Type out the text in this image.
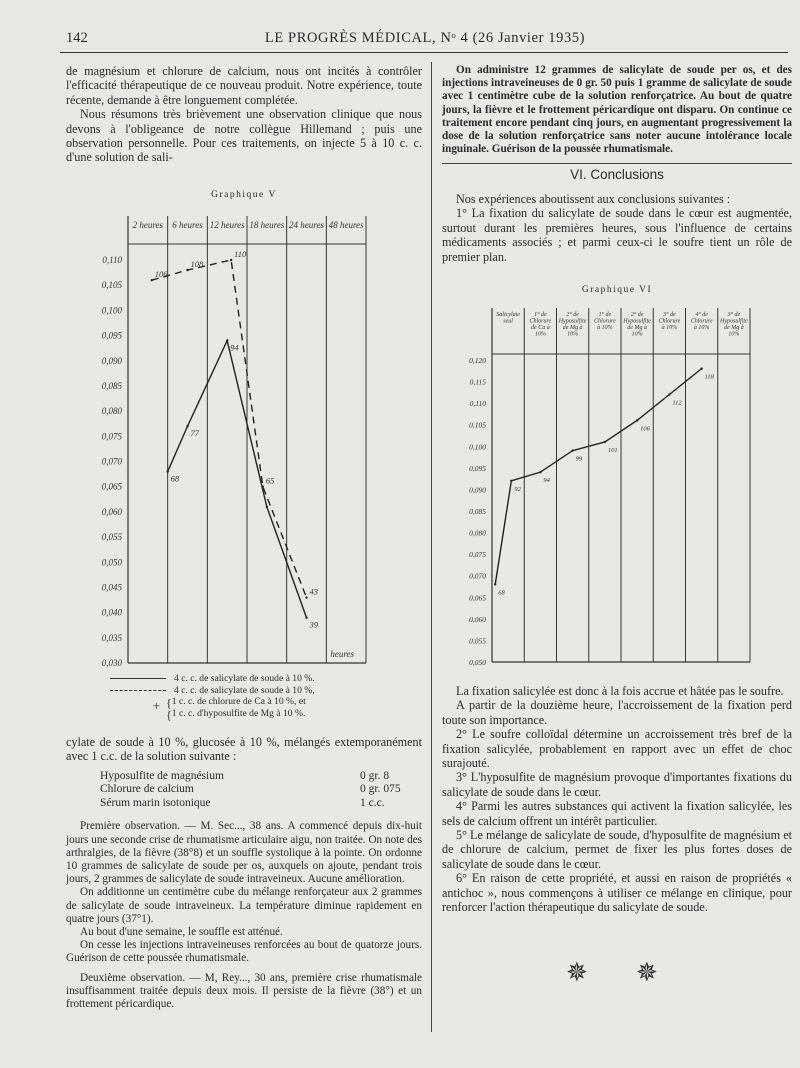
142	LE PROGRÈS MÉDICAL, Nᵒ 4 (26 Janvier 1935)

de magnésium et chlorure de calcium, nous ont incités à contrôler l'efficacité thérapeutique de ce nouveau produit. Notre expérience, toute récente, demande à être longuement complétée.

Nous résumons très brièvement une observation clinique que nous devons à l'obligeance de notre collègue Hillemand ; puis une observation personnelle. Pour ces traitements, on injecte 5 à 10 c. c. d'une solution de sali-

Graphique V
2 heures 6 heures 12 heures 18 heures 24 heures 48 heures
0,110
0,105
0,100
0,095
0,090
0,085
0,080
0,075
0,070
0,065
0,060
0,055
0,050
0,045
0,040
0,035
0,030
68
77
94
39
106
108
110
65
43
heures
4 c. c. de salicylate de soude à 10 %.
4 c. c. de salicylate de soude à 10 %,
+ { 1 c. c. de chlorure de Ca à 10 %, et
{ 1 c. c. d'hyposulfite de Mg à 10 %.

cylate de soude à 10 %, glucosée à 10 %, mélangés extemporanément avec 1 c.c. de la solution suivante :

Hyposulfite de magnésium	0 gr. 8
Chlorure de calcium	0 gr. 075
Sérum marin isotonique	1 c.c.

Première observation. — M. Sec..., 38 ans. A commencé depuis dix-huit jours une seconde crise de rhumatisme articulaire aigu, non traitée. On note des arthralgies, de la fièvre (38°8) et un souffle systolique à la pointe. On ordonne 10 grammes de salicylate de soude per os, auxquels on ajoute, pendant trois jours, 2 grammes de salicylate de soude intraveineux. Aucune amélioration.

On additionne un centimètre cube du mélange renforçateur aux 2 grammes de salicylate de soude intraveineux. La température diminue rapidement en quatre jours (37°1).

Au bout d'une semaine, le souffle est atténué.

On cesse les injections intraveineuses renforcées au bout de quatorze jours. Guérison de cette poussée rhumatismale.

Deuxième observation. — M, Rey..., 30 ans, première crise rhumatismale insuffisamment traitée depuis deux mois. Il persiste de la fièvre (38°) et un frottement péricardique.

On administre 12 grammes de salicylate de soude per os, et des injections intraveineuses de 0 gr. 50 puis 1 gramme de salicylate de soude avec 1 centimètre cube de la solution renforçatrice. Au bout de quatre jours, la fièvre et le frottement péricardique ont disparu. On continue ce traitement encore pendant cinq jours, en augmentant progressivement la dose de la solution renforçatrice sans noter aucune intolérance locale inguinale. Guérison de la poussée rhumatismale.

VI. Conclusions

Nos expériences aboutissent aux conclusions suivantes :

1° La fixation du salicylate de soude dans le cœur est augmentée, surtout durant les premières heures, sous l'influence de certains médicaments associés ; et parmi ceux-ci le soufre tient un rôle de premier plan.

Graphique VI
Salicylate
seul
1° de
Chlorure
de Ca à
10%
2° de
Hyposulfite
de Mg à
10%
1° de
Chlorure
à 10%
2° de
Hyposulfite
de Mg à
10%
3° de
Chlorure
à 10%
4° de
Chlorure
à 10%
3° de
Hyposulfite
de Mg à
10%
0,120
0,115
0,110
0,105
0,100
0,095
0,090
0,085
0,080
0,075
0,070
0,065
0,060
0,055
0,050
68
92
94
99
101
106
112
118

La fixation salicylée est donc à la fois accrue et hâtée pas le soufre.

A partir de la douzième heure, l'accroissement de la fixation perd toute son importance.

2° Le soufre colloïdal détermine un accroissement très bref de la fixation salicylée, probablement en rapport avec un effet de choc surajouté.

3° L'hyposulfite de magnésium provoque d'importantes fixations du salicylate de soude dans le cœur.

4° Parmi les autres substances qui activent la fixation salicylée, les sels de calcium offrent un intérêt particulier.

5° Le mélange de salicylate de soude, d'hyposulfite de magnésium et de chlorure de calcium, permet de fixer les plus fortes doses de salicylate de soude dans le cœur.

6° En raison de cette propriété, et aussi en raison de propriétés « antichoc », nous commençons à utiliser ce mélange en clinique, pour renforcer l'action thérapeutique du salicylate de soude.

✵ ✵
